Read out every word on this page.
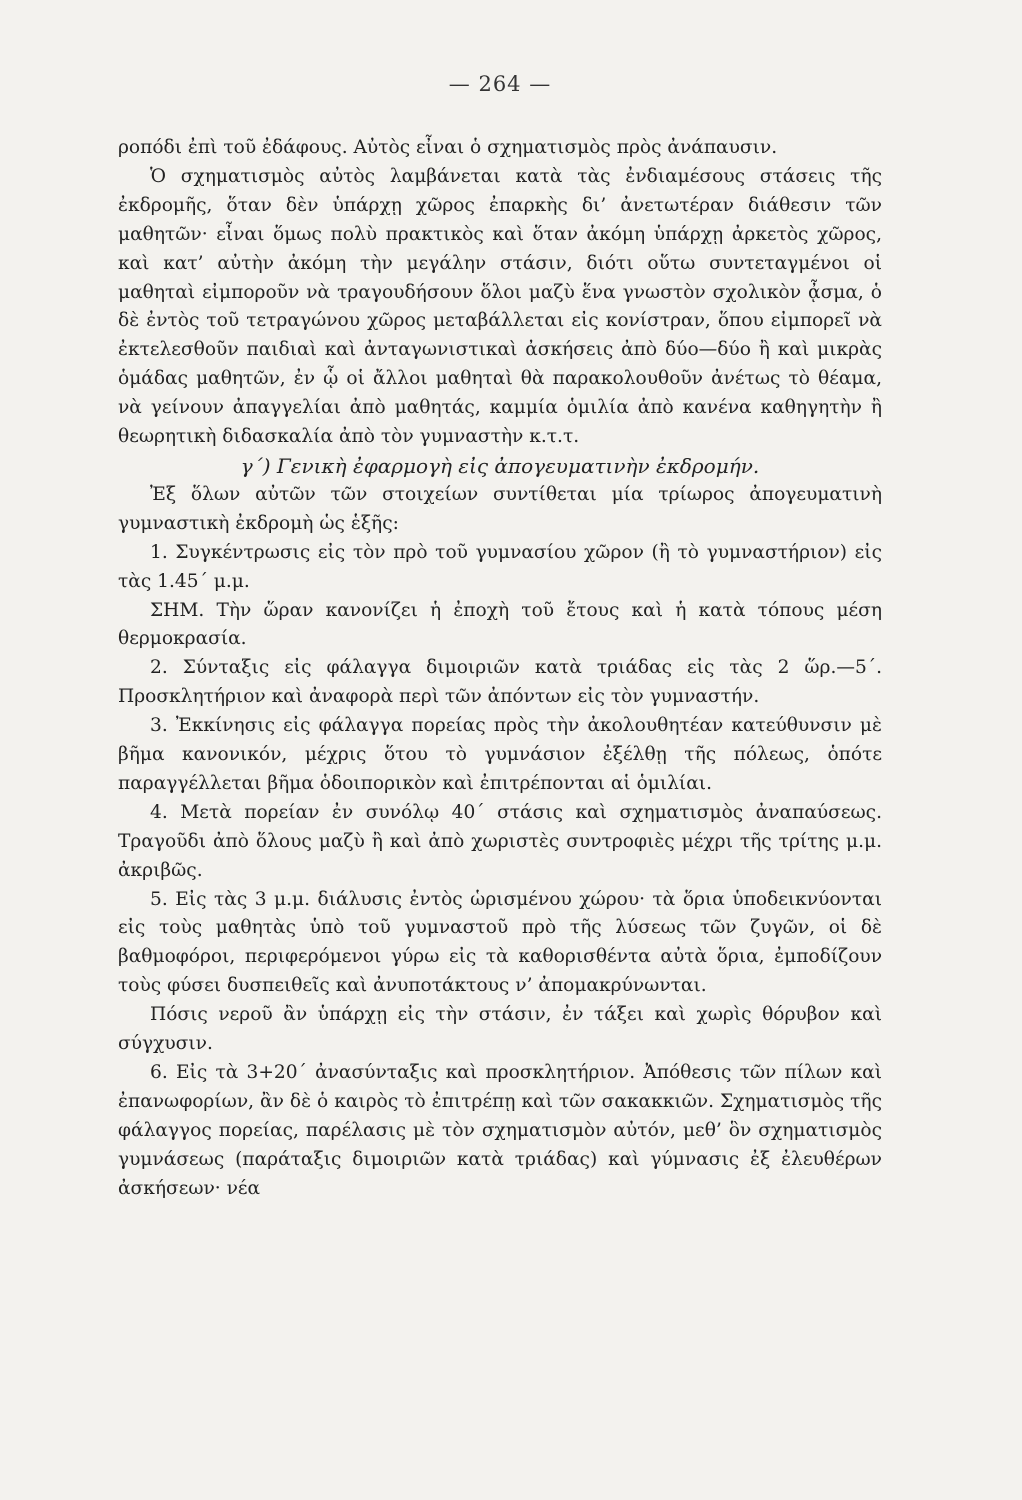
— 264 —

ροπόδι ἐπὶ τοῦ ἐδάφους. Αὐτὸς εἶναι ὁ σχηματισμὸς πρὸς ἀνάπαυσιν.

Ὁ σχηματισμὸς αὐτὸς λαμβάνεται κατὰ τὰς ἐνδιαμέσους στάσεις τῆς ἐκδρομῆς, ὅταν δὲν ὑπάρχῃ χῶρος ἐπαρκὴς δι’ ἀνετωτέραν διάθεσιν τῶν μαθητῶν· εἶναι ὅμως πολὺ πρακτικὸς καὶ ὅταν ἀκόμη ὑπάρχῃ ἀρκετὸς χῶρος, καὶ κατ’ αὐτὴν ἀκόμη τὴν μεγάλην στάσιν, διότι οὕτω συντεταγμένοι οἱ μαθηταὶ εἰμποροῦν νὰ τραγουδήσουν ὅλοι μαζὺ ἕνα γνωστὸν σχολικὸν ᾆσμα, ὁ δὲ ἐντὸς τοῦ τετραγώνου χῶρος μεταβάλλεται εἰς κονίστραν, ὅπου εἰμπορεῖ νὰ ἐκτελεσθοῦν παιδιαὶ καὶ ἀνταγωνιστικαὶ ἀσκήσεις ἀπὸ δύο—δύο ἢ καὶ μικρὰς ὁμάδας μαθητῶν, ἐν ᾧ οἱ ἄλλοι μαθηταὶ θὰ παρακολουθοῦν ἀνέτως τὸ θέαμα, νὰ γείνουν ἀπαγγελίαι ἀπὸ μαθητάς, καμμία ὁμιλία ἀπὸ κανένα καθηγητὴν ἢ θεωρητικὴ διδασκαλία ἀπὸ τὸν γυμναστὴν κ.τ.τ.

γ΄) Γενικὴ ἐφαρμογὴ εἰς ἀπογευματινὴν ἐκδρομήν.

Ἐξ ὅλων αὐτῶν τῶν στοιχείων συντίθεται μία τρίωρος ἀπογευματινὴ γυμναστικὴ ἐκδρομὴ ὡς ἑξῆς:

1. Συγκέντρωσις εἰς τὸν πρὸ τοῦ γυμνασίου χῶρον (ἢ τὸ γυμναστήριον) εἰς τὰς 1.45΄ μ.μ.

ΣΗΜ. Τὴν ὥραν κανονίζει ἡ ἐποχὴ τοῦ ἔτους καὶ ἡ κατὰ τόπους μέση θερμοκρασία.

2. Σύνταξις εἰς φάλαγγα διμοιριῶν κατὰ τριάδας εἰς τὰς 2 ὥρ.—5΄. Προσκλητήριον καὶ ἀναφορὰ περὶ τῶν ἀπόντων εἰς τὸν γυμναστήν.

3. Ἐκκίνησις εἰς φάλαγγα πορείας πρὸς τὴν ἀκολουθητέαν κατεύθυνσιν μὲ βῆμα κανονικόν, μέχρις ὅτου τὸ γυμνάσιον ἐξέλθῃ τῆς πόλεως, ὁπότε παραγγέλλεται βῆμα ὁδοιπορικὸν καὶ ἐπιτρέπονται αἱ ὁμιλίαι.

4. Μετὰ πορείαν ἐν συνόλῳ 40΄ στάσις καὶ σχηματισμὸς ἀναπαύσεως. Τραγοῦδι ἀπὸ ὅλους μαζὺ ἢ καὶ ἀπὸ χωριστὲς συντροφιὲς μέχρι τῆς τρίτης μ.μ. ἀκριβῶς.

5. Εἰς τὰς 3 μ.μ. διάλυσις ἐντὸς ὡρισμένου χώρου· τὰ ὅρια ὑποδεικνύονται εἰς τοὺς μαθητὰς ὑπὸ τοῦ γυμναστοῦ πρὸ τῆς λύσεως τῶν ζυγῶν, οἱ δὲ βαθμοφόροι, περιφερόμενοι γύρω εἰς τὰ καθορισθέντα αὐτὰ ὅρια, ἐμποδίζουν τοὺς φύσει δυσπειθεῖς καὶ ἀνυποτάκτους ν’ ἀπομακρύνωνται.

Πόσις νεροῦ ἂν ὑπάρχῃ εἰς τὴν στάσιν, ἐν τάξει καὶ χωρὶς θόρυβον καὶ σύγχυσιν.

6. Εἰς τὰ 3+20΄ ἀνασύνταξις καὶ προσκλητήριον. Ἀπόθεσις τῶν πίλων καὶ ἐπανωφορίων, ἂν δὲ ὁ καιρὸς τὸ ἐπιτρέπῃ καὶ τῶν σακακκιῶν. Σχηματισμὸς τῆς φάλαγγος πορείας, παρέλασις μὲ τὸν σχηματισμὸν αὐτόν, μεθ’ ὃν σχηματισμὸς γυμνάσεως (παράταξις διμοιριῶν κατὰ τριάδας) καὶ γύμνασις ἐξ ἐλευθέρων ἀσκήσεων· νέα
